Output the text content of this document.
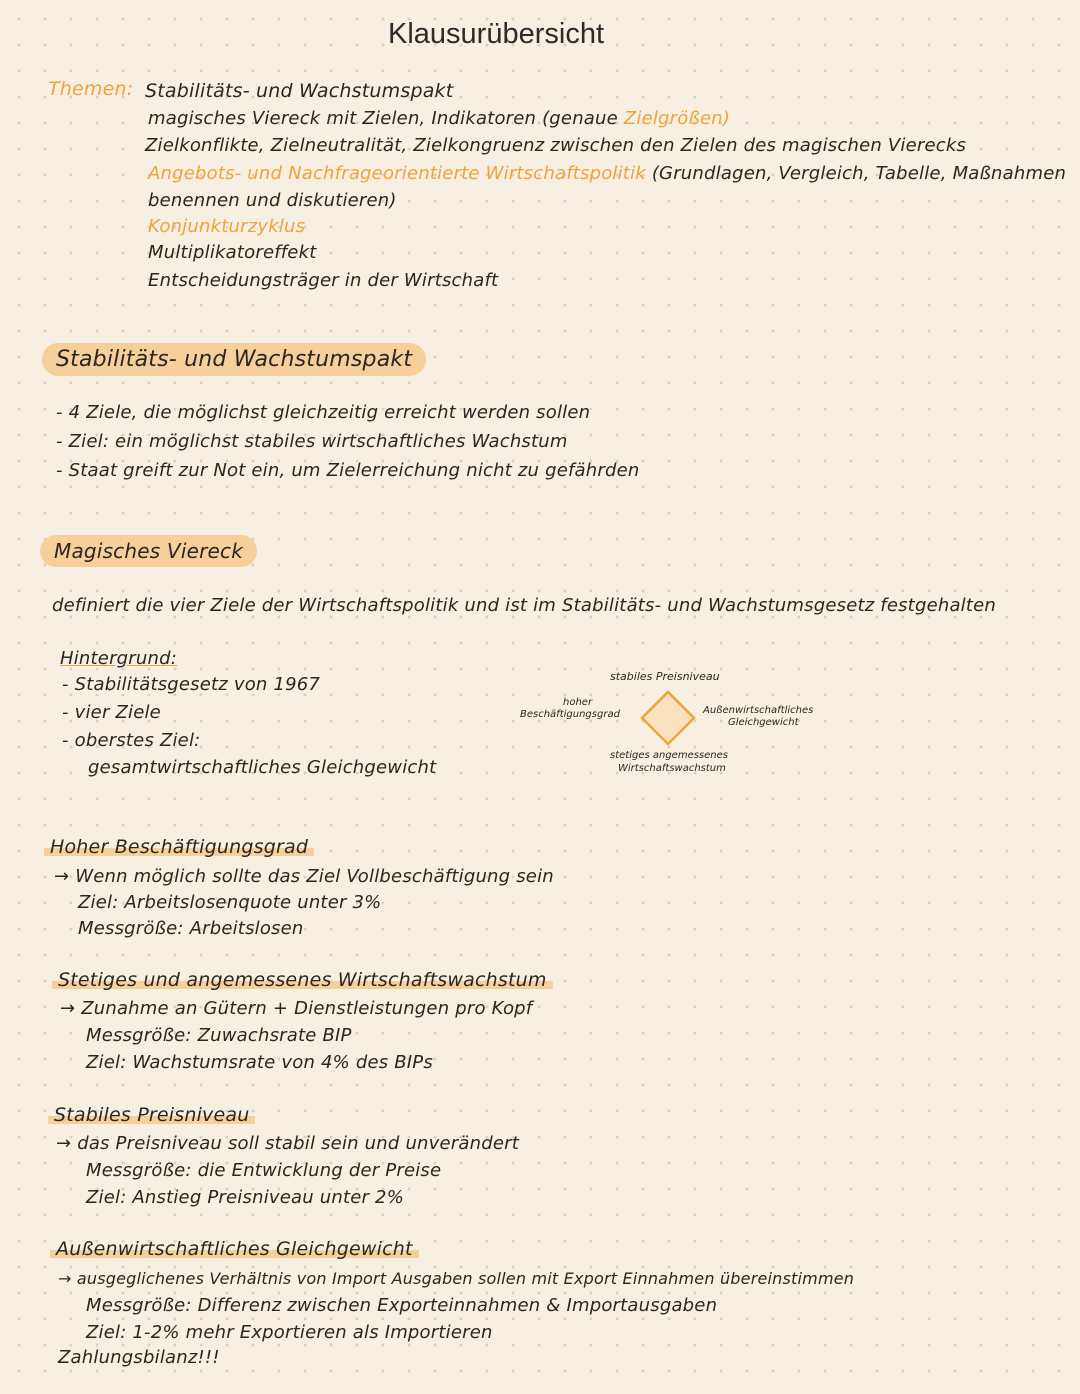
Klausurübersicht
Themen: Stabilitäts- und Wachstumspakt
magisches Viereck mit Zielen, Indikatoren (genaue Zielgrößen)
Zielkonflikte, Zielneutralität, Zielkongruenz zwischen den Zielen des magischen Vierecks
Angebots- und Nachfrageorientierte Wirtschaftspolitik (Grundlagen, Vergleich, Tabelle, Maßnahmen
benennen und diskutieren)
Konjunkturzyklus
Multiplikatoreffekt
Entscheidungsträger in der Wirtschaft
Stabilitäts- und Wachstumspakt
- 4 Ziele, die möglichst gleichzeitig erreicht werden sollen
- Ziel: ein möglichst stabiles wirtschaftliches Wachstum
- Staat greift zur Not ein, um Zielerreichung nicht zu gefährden
Magisches Viereck
definiert die vier Ziele der Wirtschaftspolitik und ist im Stabilitäts- und Wachstumsgesetz festgehalten
Hintergrund:
- Stabilitätsgesetz von 1967
- vier Ziele
- oberstes Ziel:
gesamtwirtschaftliches Gleichgewicht
stabiles Preisniveau
hoher
Beschäftigungsgrad	Außenwirtschaftliches
Gleichgewicht
stetiges angemessenes
Wirtschaftswachstum
Hoher Beschäftigungsgrad
→ Wenn möglich sollte das Ziel Vollbeschäftigung sein
Ziel: Arbeitslosenquote unter 3%
Messgröße: Arbeitslosen
Stetiges und angemessenes Wirtschaftswachstum
→ Zunahme an Gütern + Dienstleistungen pro Kopf
Messgröße: Zuwachsrate BIP
Ziel: Wachstumsrate von 4% des BIPs
Stabiles Preisniveau
→ das Preisniveau soll stabil sein und unverändert
Messgröße: die Entwicklung der Preise
Ziel: Anstieg Preisniveau unter 2%
Außenwirtschaftliches Gleichgewicht
→ ausgeglichenes Verhältnis von Import Ausgaben sollen mit Export Einnahmen übereinstimmen
Messgröße: Differenz zwischen Exporteinnahmen & Importausgaben
Ziel: 1-2% mehr Exportieren als Importieren
Zahlungsbilanz!!!
